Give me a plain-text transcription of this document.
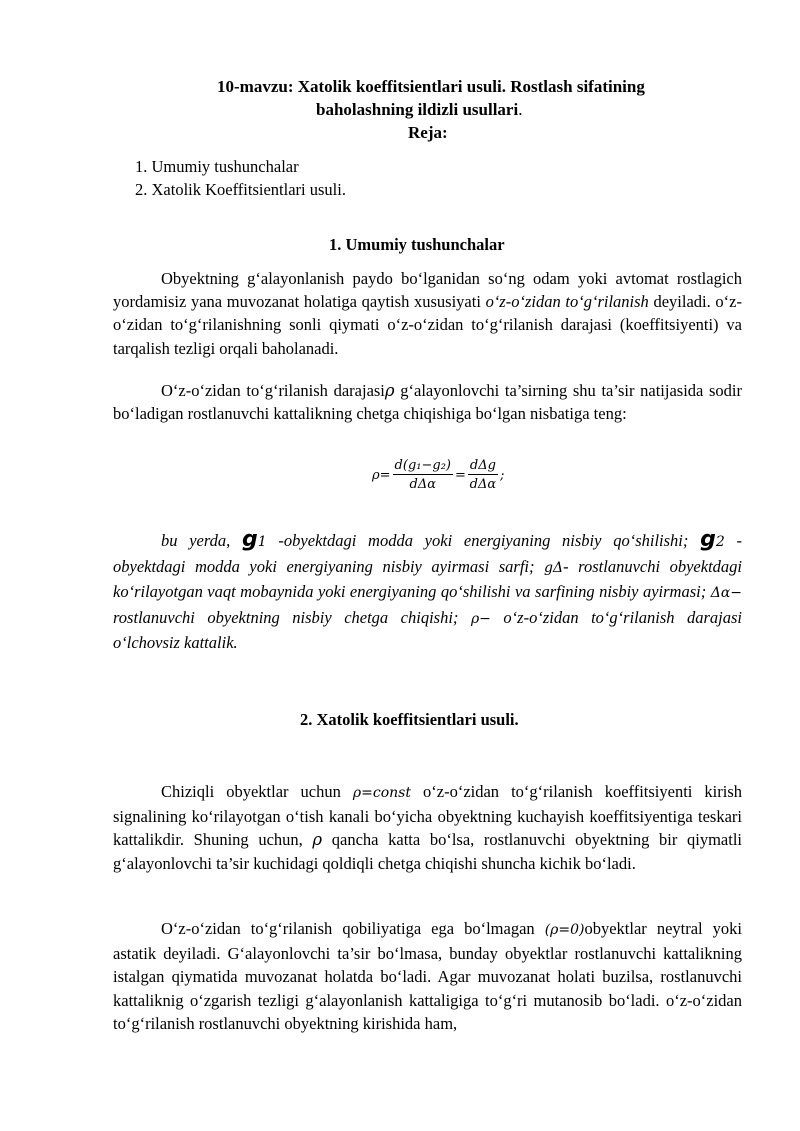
10-mavzu: Xatolik koeffitsientlari usuli. Rostlash sifatining
baholashning ildizli usullari.
Reja:
1. Umumiy tushunchalar
2. Xatolik Koeffitsientlari usuli.
1. Umumiy tushunchalar

Obyektning g‘alayonlanish paydo bo‘lganidan so‘ng odam yoki avtomat rostlagich yordamisiz yana muvozanat holatiga qaytish xususiyati o‘z-o‘zidan to‘g‘rilanish deyiladi. o‘z-o‘zidan to‘g‘rilanishning sonli qiymati o‘z-o‘zidan to‘g‘rilanish darajasi (koeffitsiyenti) va tarqalish tezligi orqali baholanadi.

O‘z-o‘zidan to‘g‘rilanish darajasiρ g‘alayonlovchi ta’sirning shu ta’sir natijasida sodir bo‘ladigan rostlanuvchi kattalikning chetga chiqishiga bo‘lgan nisbatiga teng:

$\rho= \frac{\text{d(g₁−g₂)}}{\text{dΔα}} = \frac{\text{dΔg}}{\text{dΔα}}$ ;

bu yerda, g1 -obyektdagi modda yoki energiyaning nisbiy qo‘shilishi; g2 - obyektdagi modda yoki energiyaning nisbiy ayirmasi sarfi; gΔ- rostlanuvchi obyektdagi ko‘rilayotgan vaqt mobaynida yoki energiyaning qo‘shilishi va sarfining nisbiy ayirmasi; Δα− rostlanuvchi obyektning nisbiy chetga chiqishi; ρ− o‘z-o‘zidan to‘g‘rilanish darajasi o‘lchovsiz kattalik.

2. Xatolik koeffitsientlari usuli.

Chiziqli obyektlar uchun ρ=const o‘z-o‘zidan to‘g‘rilanish koeffitsiyenti kirish signalining ko‘rilayotgan o‘tish kanali bo‘yicha obyektning kuchayish koeffitsiyentiga teskari kattalikdir. Shuning uchun, ρ qancha katta bo‘lsa, rostlanuvchi obyektning bir qiymatli g‘alayonlovchi ta’sir kuchidagi qoldiqli chetga chiqishi shuncha kichik bo‘ladi.

O‘z-o‘zidan to‘g‘rilanish qobiliyatiga ega bo‘lmagan (ρ=0)obyektlar neytral yoki astatik deyiladi. G‘alayonlovchi ta’sir bo‘lmasa, bunday obyektlar rostlanuvchi kattalikning istalgan qiymatida muvozanat holatda bo‘ladi. Agar muvozanat holati buzilsa, rostlanuvchi kattaliknig o‘zgarish tezligi g‘alayonlanish kattaligiga to‘g‘ri mutanosib bo‘ladi. o‘z-o‘zidan to‘g‘rilanish rostlanuvchi obyektning kirishida ham,
